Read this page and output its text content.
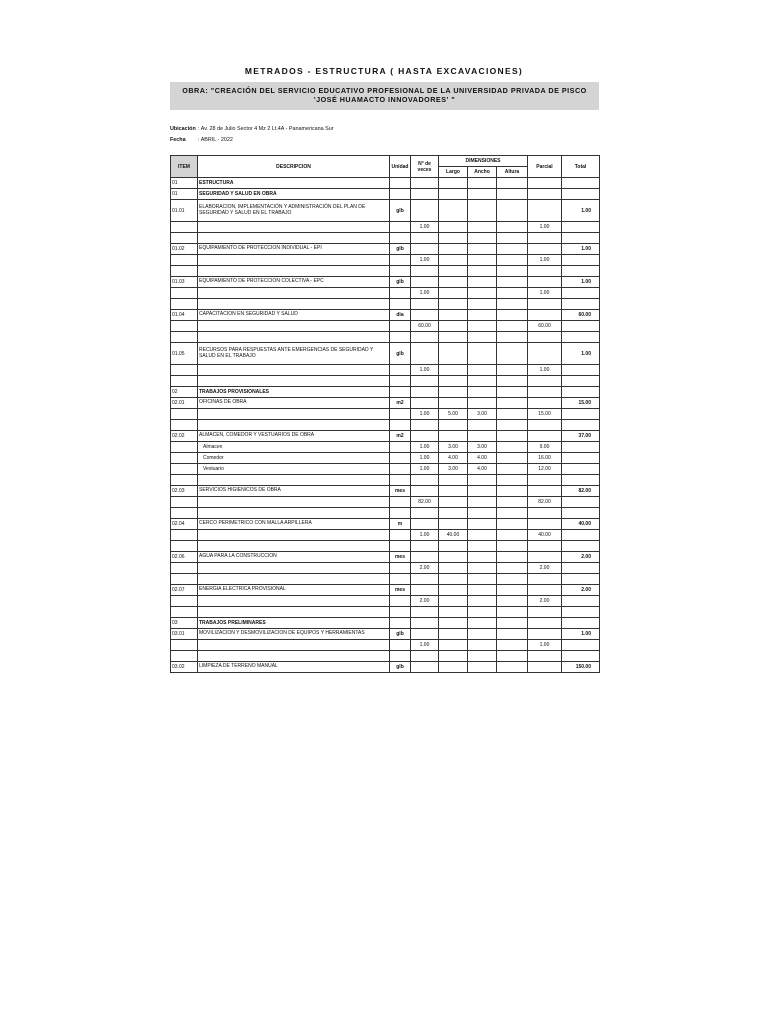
METRADOS - ESTRUCTURA ( HASTA EXCAVACIONES)
OBRA: "CREACIÓN DEL SERVICIO EDUCATIVO PROFESIONAL DE LA UNIVERSIDAD PRIVADA DE PISCO 'JOSÉ HUAMACTO INNOVADORES' "
Ubicación : Av. 28 de Julio Sector 4 Mz 2 Lt.4A - Panamericana Sur
Fecha : ABRIL - 2022
ITEM	DESCRIPCION	Unidad	N° de veces	DIMENSIONES			Parcial	Total
				Largo	Ancho	Altura		
01	ESTRUCTURA							
01	SEGURIDAD Y SALUD EN OBRA							
01.01	ELABORACION, IMPLEMENTACIÓN Y ADMINISTRACIÓN DEL PLAN DE SEGURIDAD Y SALUD EN EL TRABAJO	glb						1.00
			1.00				1.00	

01.02	EQUIPAMIENTO DE PROTECCION INDIVIDUAL - EPI	glb						1.00
			1.00				1.00	

01.03	EQUIPAMIENTO DE PROTECCION COLECTIVA - EPC	glb						1.00
			1.00				1.00	

01.04	CAPACITACION EN SEGURIDAD Y SALUD	dia						60.00
			60.00				60.00	

01.05	RECURSOS PARA RESPUESTAS ANTE EMERGENCIAS DE SEGURIDAD Y SALUD EN EL TRABAJO	glb						1.00
			1.00				1.00	

02	TRABAJOS PROVISIONALES							
02.01	OFICINAS DE OBRA	m2						15.00
			1.00	5.00	3.00		15.00	

02.02	ALMACEN, COMEDOR Y VESTUARIOS DE OBRA	m2						37.00
	Almacen		1.00	3.00	3.00		9.00	
	Comedor		1.00	4.00	4.00		16.00	
	Vestuario		1.00	3.00	4.00		12.00	

02.03	SERVICIOS HIGIENICOS DE OBRA	mes						82.00
			82.00				82.00	

02.04	CERCO PERIMETRICO CON MALLA ARPILLERA	m						40.00
			1.00	40.00			40.00	

02.06	AGUA PARA LA CONSTRUCCION	mes						2.00
			2.00				2.00	

02.07	ENERGIA ELECTRICA PROVISIONAL	mes						2.00
			2.00				2.00	

03	TRABAJOS PRELIMINARES							
03.01	MOVILIZACION Y DESMOVILIZACION DE EQUIPOS Y HERRAMIENTAS	glb						1.00
			1.00				1.00	

03.02	LIMPIEZA DE TERRENO MANUAL	glb						150.00
